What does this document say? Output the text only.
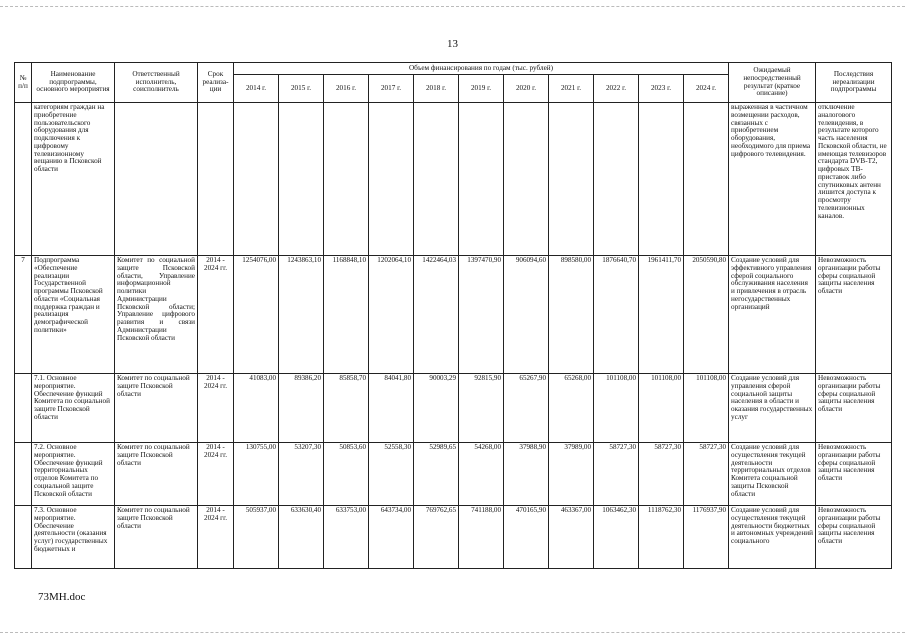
13
№ п/п	Наименование подпрограммы, основного мероприятия	Ответственный исполнитель, соисполнитель	Срок реализа-ции	Объем финансирования по годам (тыс. рублей)											Ожидаемый непосредственный результат (краткое описание)	Последствия нереализации подпрограммы
				2014 г.	2015 г.	2016 г.	2017 г.	2018 г.	2019 г.	2020 г.	2021 г.	2022 г.	2023 г.	2024 г.		
	категориям граждан на приобретение пользовательского оборудования для подключения к цифровому телевизионному вещанию в Псковской области														выраженная в частичном возмещении расходов, связанных с приобретением оборудования, необходимого для приема цифрового телевидения.	отключение аналогового телевидения, в результате которого часть населения Псковской области, не имеющая телевизоров стандарта DVB-T2, цифровых ТВ-приставок либо спутниковых антенн лишится доступа к просмотру телевизионных каналов.
7	Подпрограмма «Обеспечение реализации Государственной программы Псковской области «Социальная поддержка граждан и реализация демографической политики»	Комитет по социальной защите Псковской области, Управление информационной политики Администрации Псковской области; Управление цифрового развития и связи Администрации Псковской области	2014 - 2024 гг.	1254076,00	1243863,10	1168848,10	1202064,10	1422464,03	1397470,90	906094,60	898580,00	1876640,70	1961411,70	2050590,80	Создание условий для эффективного управления сферой социального обслуживания населения и привлечения в отрасль негосударственных организаций	Невозможность организации работы сферы социальной защиты населения области
	7.1. Основное мероприятие. Обеспечение функций Комитета по социальной защите Псковской области	Комитет по социальной защите Псковской области	2014 - 2024 гг.	41083,00	89386,20	85858,70	84041,80	90003,29	92815,90	65267,90	65268,00	101108,00	101108,00	101108,00	Создание условий для управления сферой социальной защиты населения в области и оказания государственных услуг	Невозможность организации работы сферы социальной защиты населения области
	7.2. Основное мероприятие. Обеспечение функций территориальных отделов Комитета по социальной защите Псковской области	Комитет по социальной защите Псковской области	2014 - 2024 гг.	130755,00	53207,30	50853,60	52558,30	52989,65	54268,00	37988,90	37989,00	58727,30	58727,30	58727,30	Создание условий для осуществления текущей деятельности территориальных отделов Комитета социальной защиты Псковской области	Невозможность организации работы сферы социальной защиты населения области
	7.3. Основное мероприятие. Обеспечение деятельности (оказания услуг) государственных бюджетных и	Комитет по социальной защите Псковской области	2014 - 2024 гг.	505937,00	633630,40	633753,00	643734,00	769762,65	741188,00	470165,90	463367,00	1063462,30	1118762,30	1176937,90	Создание условий для осуществления текущей деятельности бюджетных и автономных учреждений социального	Невозможность организации работы сферы социальной защиты населения области
73МН.doc
